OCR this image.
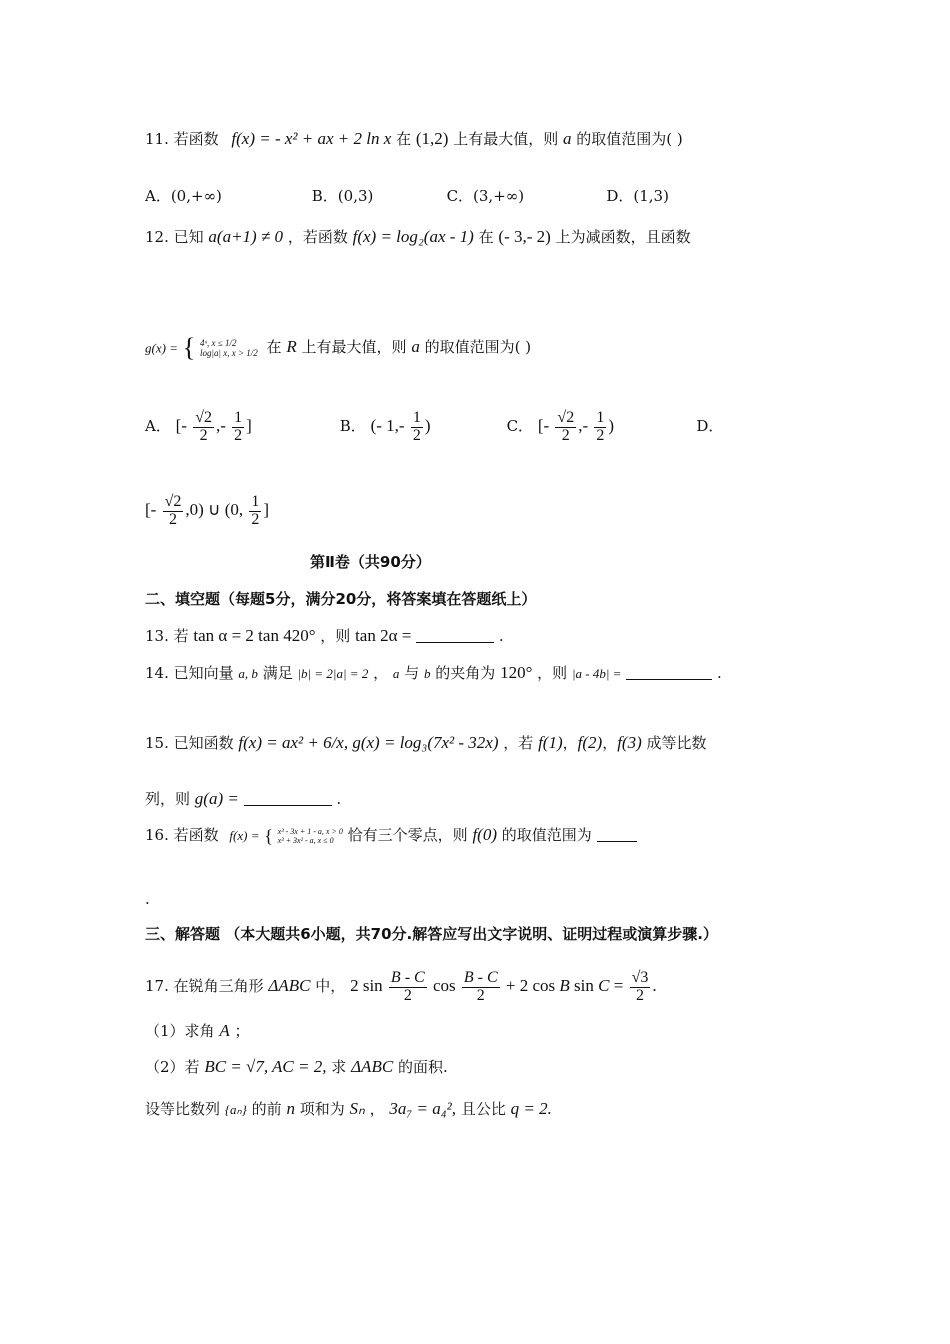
11. 若函数 f(x) = - x² + ax + 2 ln x 在 (1,2) 上有最大值，则 a 的取值范围为( )
A．(0,+∞)	B．(0,3)	C．(3,+∞)	D．(1,3)
12. 已知 a(a+1) ≠ 0 ，若函数 f(x) = log₂(ax - 1) 在 (- 3,- 2) 上为减函数，且函数
g(x) = { 4ˣ, x ≤ 1/2
log|a| x, x > 1/2 在 R 上有最大值，则 a 的取值范围为( )
A． [- $\frac{√2}{2}$ ,- $\frac{1}{2}$ ]	B． (- $1,- \frac{1}{2}$ )	C． [- $\frac{√2}{2}$ ,- $\frac{1}{2}$ )	D．
[- $\frac{√2}{2} ,0$) ∪ (0, $\frac{1}{2}$ ]
第Ⅱ卷（共90分）
二、填空题（每题5分，满分20分，将答案填在答题纸上）
13. 若 tan α = 2 tan 420° ，则 tan 2α =	.
14. 已知向量 a, b 满足 |b| = 2|a| = 2 ， a 与 b 的夹角为 120° ，则 |a - 4b| =	.
15. 已知函数 f(x) = ax² + 6/x, g(x) = log₃(7x² - 32x) ，若 f(1)，f(2)，f(3) 成等比数
列，则 g(a) =	.
16. 若函数 f(x) = { x³ - 3x + 1 - a, x > 0
x³ + 3x² - a, x ≤ 0 恰有三个零点，则 f(0) 的取值范围为
.
三、解答题 （本大题共6小题，共70分.解答应写出文字说明、证明过程或演算步骤.）
17. 在锐角三角形 ΔABC 中， 2 $\sin \frac{B - C}{2}$ $\cos \frac{B - C}{2} + 2$ cos B $\sin C = \frac{√3}{2}$ .
（1）求角 A ；
（2）若 BC = √7, AC = 2, 求 ΔABC 的面积.
设等比数列 {aₙ} 的前 n 项和为 Sₙ ， 3a₇ = a₄², 且公比 q = 2.
